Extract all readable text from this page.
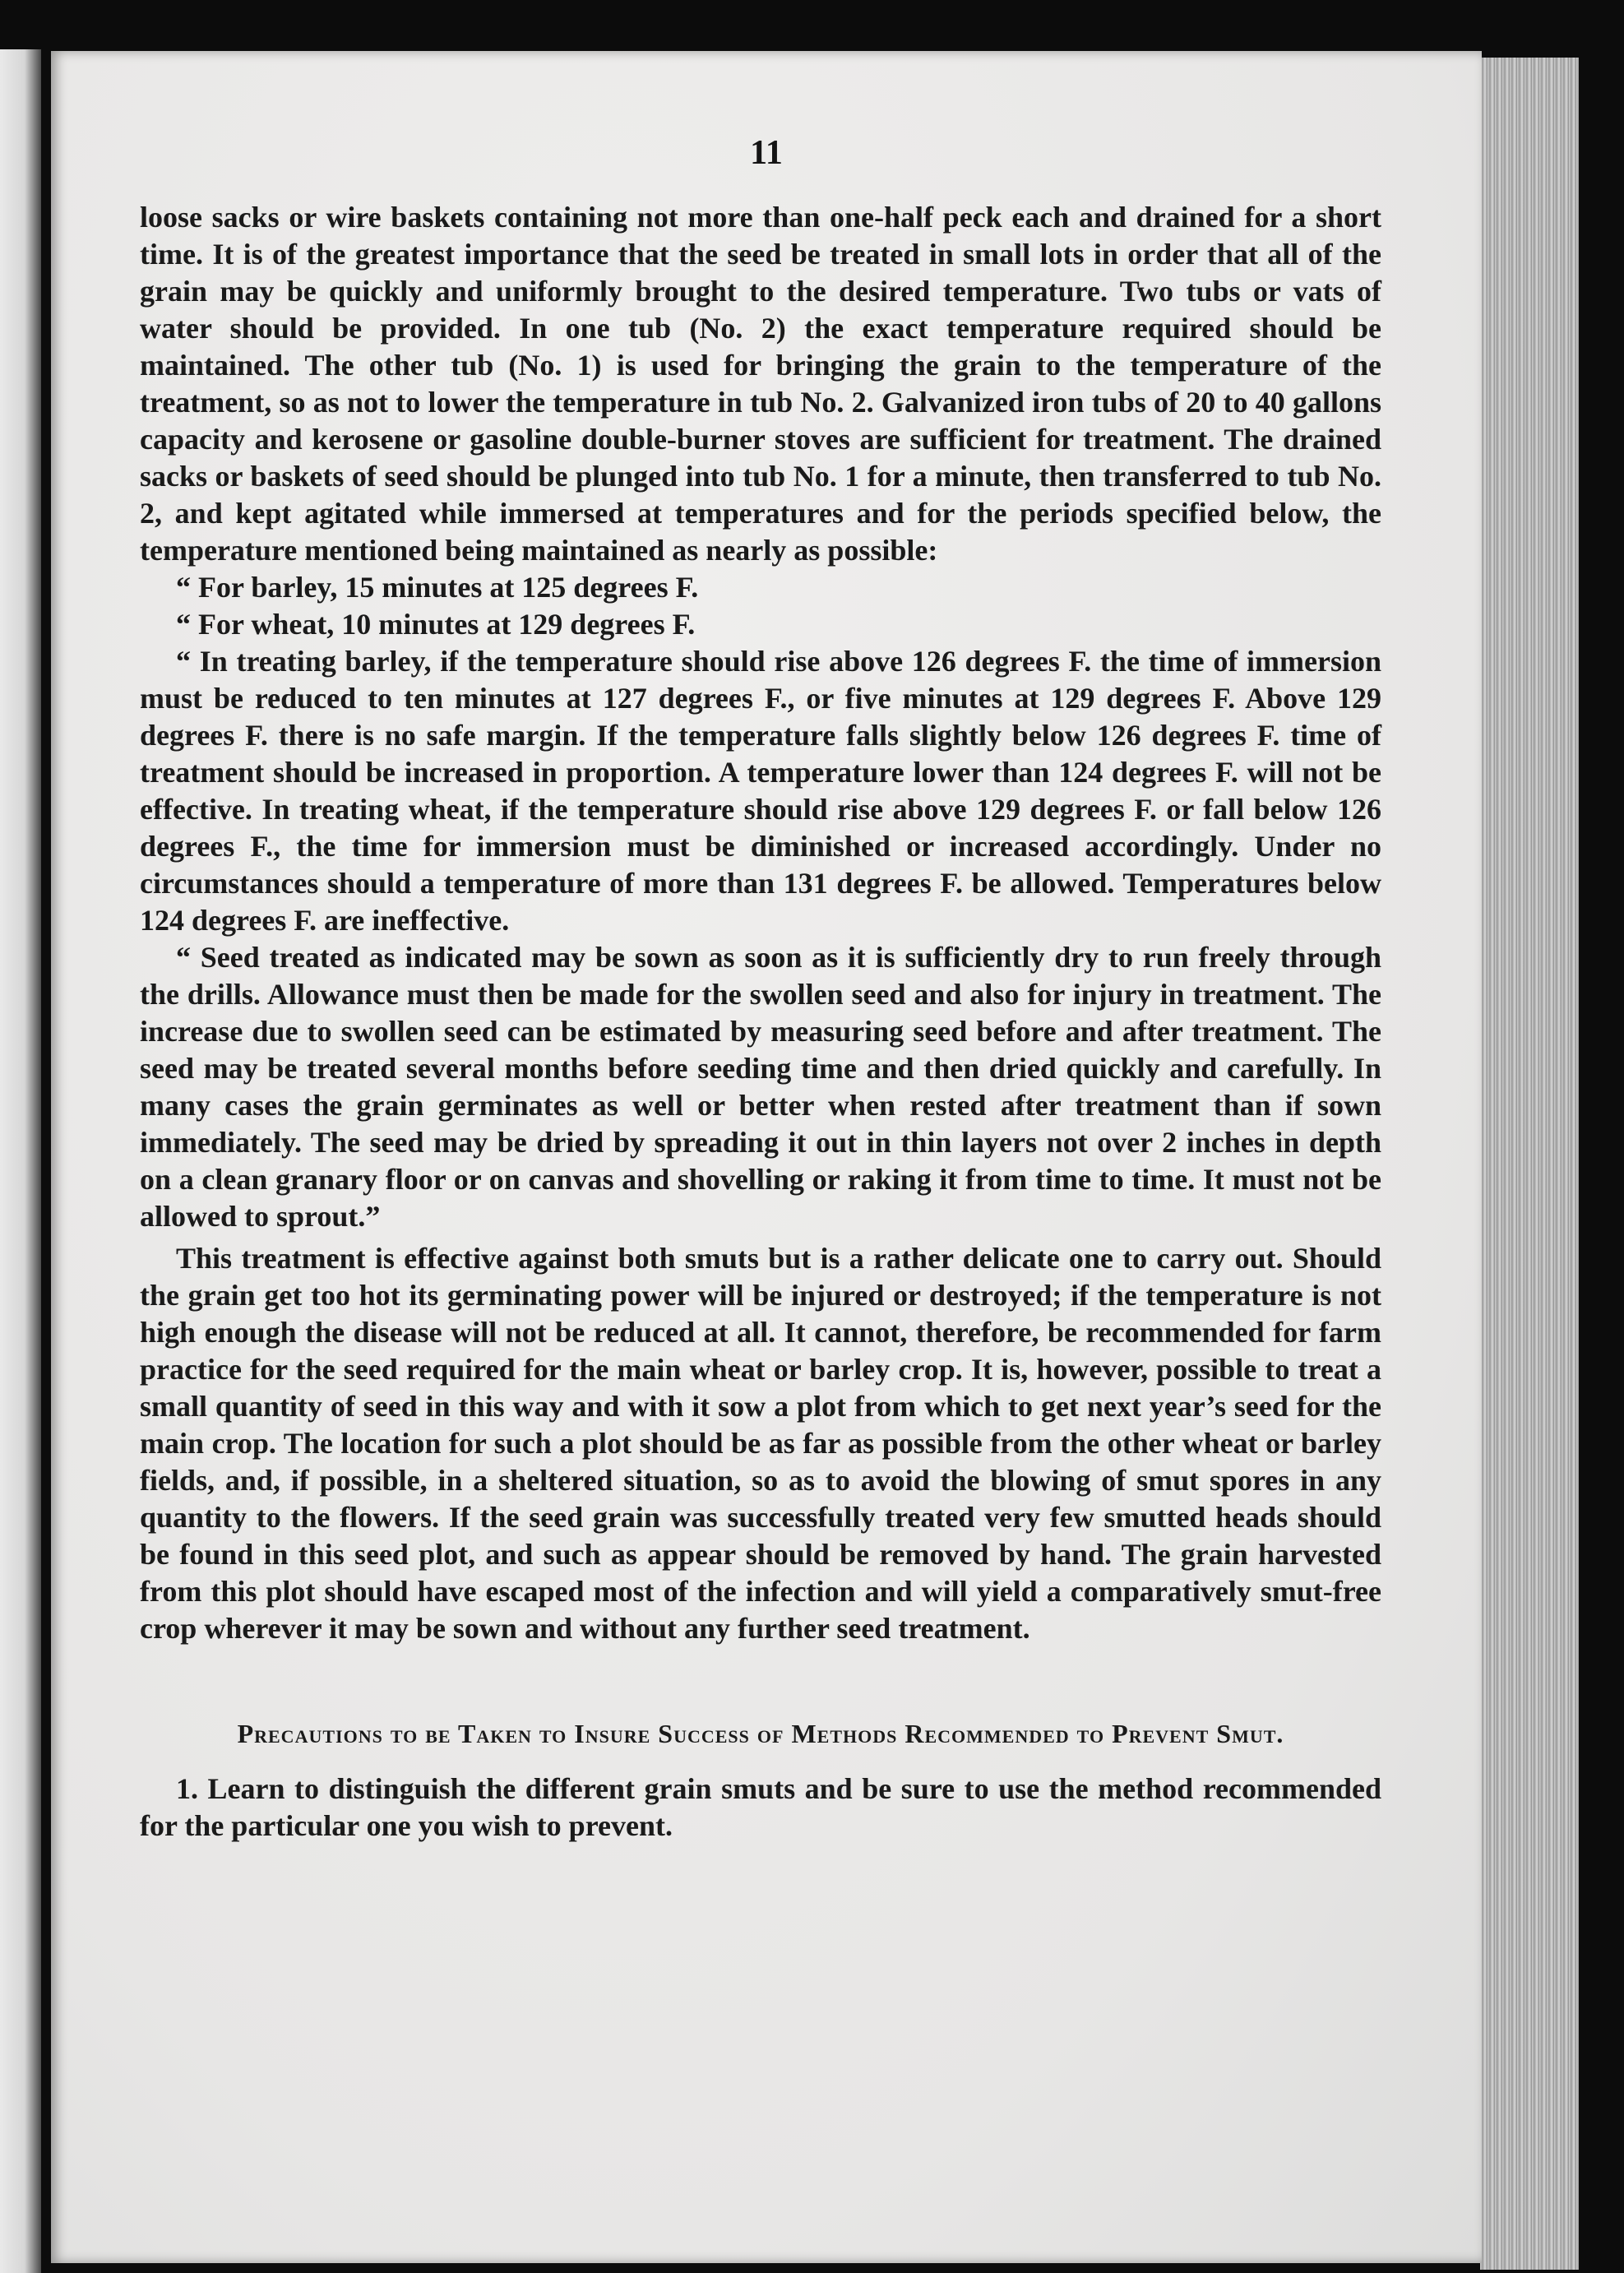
11

loose sacks or wire baskets containing not more than one-half peck each and drained for a short time. It is of the greatest importance that the seed be treated in small lots in order that all of the grain may be quickly and uniformly brought to the desired temperature. Two tubs or vats of water should be provided. In one tub (No. 2) the exact temperature required should be maintained. The other tub (No. 1) is used for bringing the grain to the temperature of the treatment, so as not to lower the temperature in tub No. 2. Galvanized iron tubs of 20 to 40 gallons capacity and kerosene or gasoline double-burner stoves are sufficient for treatment. The drained sacks or baskets of seed should be plunged into tub No. 1 for a minute, then transferred to tub No. 2, and kept agitated while immersed at temperatures and for the periods specified below, the temperature mentioned being maintained as nearly as possible:

“ For barley, 15 minutes at 125 degrees F.

“ For wheat, 10 minutes at 129 degrees F.

“ In treating barley, if the temperature should rise above 126 degrees F. the time of immersion must be reduced to ten minutes at 127 degrees F., or five minutes at 129 degrees F. Above 129 degrees F. there is no safe margin. If the temperature falls slightly below 126 degrees F. time of treatment should be increased in proportion. A temperature lower than 124 degrees F. will not be effective. In treating wheat, if the temperature should rise above 129 degrees F. or fall below 126 degrees F., the time for immersion must be diminished or increased accordingly. Under no circumstances should a temperature of more than 131 degrees F. be allowed. Temperatures below 124 degrees F. are ineffective.

“ Seed treated as indicated may be sown as soon as it is sufficiently dry to run freely through the drills. Allowance must then be made for the swollen seed and also for injury in treatment. The increase due to swollen seed can be estimated by measuring seed before and after treatment. The seed may be treated several months before seeding time and then dried quickly and carefully. In many cases the grain germinates as well or better when rested after treatment than if sown immediately. The seed may be dried by spreading it out in thin layers not over 2 inches in depth on a clean granary floor or on canvas and shovelling or raking it from time to time. It must not be allowed to sprout.”

This treatment is effective against both smuts but is a rather delicate one to carry out. Should the grain get too hot its germinating power will be injured or destroyed; if the temperature is not high enough the disease will not be reduced at all. It cannot, therefore, be recommended for farm practice for the seed required for the main wheat or barley crop. It is, however, possible to treat a small quantity of seed in this way and with it sow a plot from which to get next year’s seed for the main crop. The location for such a plot should be as far as possible from the other wheat or barley fields, and, if possible, in a sheltered situation, so as to avoid the blowing of smut spores in any quantity to the flowers. If the seed grain was successfully treated very few smutted heads should be found in this seed plot, and such as appear should be removed by hand. The grain harvested from this plot should have escaped most of the infection and will yield a comparatively smut-free crop wherever it may be sown and without any further seed treatment.

Precautions to be Taken to Insure Success of Methods Recommended to Prevent Smut.

1. Learn to distinguish the different grain smuts and be sure to use the method recommended for the particular one you wish to prevent.
